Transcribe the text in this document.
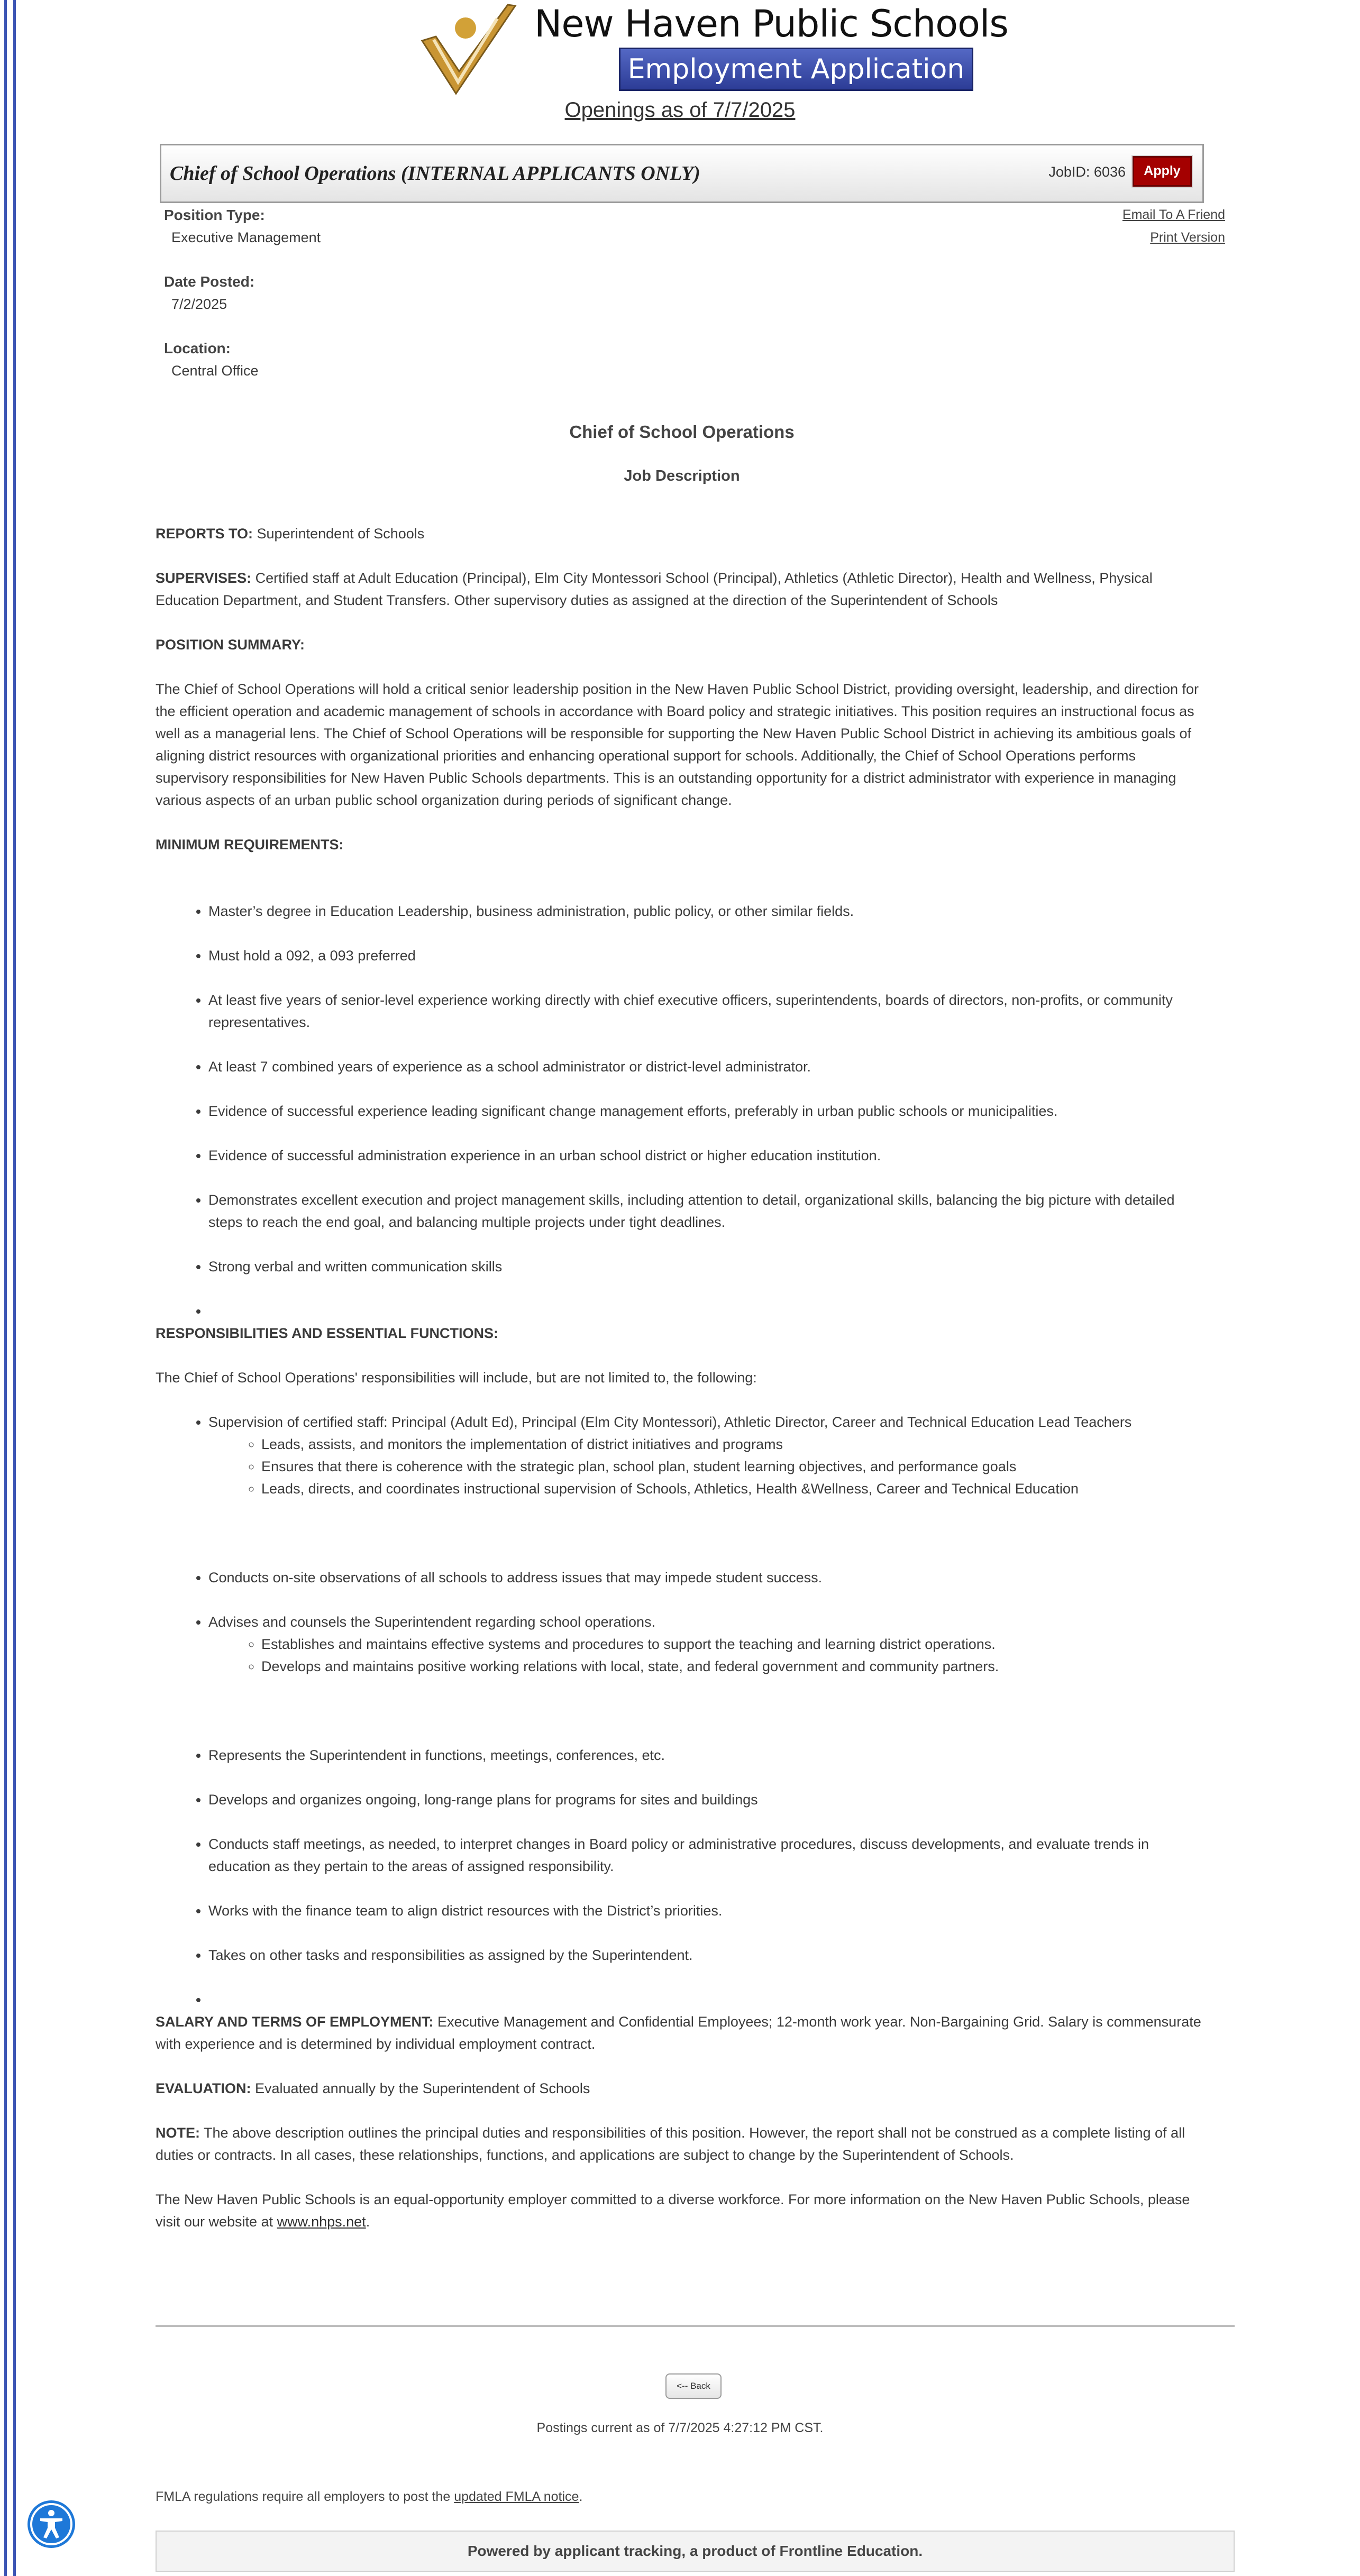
New Haven Public Schools
Employment Application
Openings as of 7/7/2025
Chief of School Operations (INTERNAL APPLICANTS ONLY)	JobID: 6036	Apply
Email To A Friend
Print Version
Position Type:
Executive Management
Date Posted:
7/2/2025
Location:
Central Office
Chief of School Operations
Job Description

REPORTS TO: Superintendent of Schools

SUPERVISES: Certified staff at Adult Education (Principal), Elm City Montessori School (Principal), Athletics (Athletic Director), Health and Wellness, Physical Education Department, and Student Transfers. Other supervisory duties as assigned at the direction of the Superintendent of Schools

POSITION SUMMARY:

The Chief of School Operations will hold a critical senior leadership position in the New Haven Public School District, providing oversight, leadership, and direction for the efficient operation and academic management of schools in accordance with Board policy and strategic initiatives. This position requires an instructional focus as well as a managerial lens. The Chief of School Operations will be responsible for supporting the New Haven Public School District in achieving its ambitious goals of aligning district resources with organizational priorities and enhancing operational support for schools. Additionally, the Chief of School Operations performs supervisory responsibilities for New Haven Public Schools departments. This is an outstanding opportunity for a district administrator with experience in managing various aspects of an urban public school organization during periods of significant change.

MINIMUM REQUIREMENTS:

• Master’s degree in Education Leadership, business administration, public policy, or other similar fields.
• Must hold a 092, a 093 preferred
• At least five years of senior-level experience working directly with chief executive officers, superintendents, boards of directors, non-profits, or community representatives.
• At least 7 combined years of experience as a school administrator or district-level administrator.
• Evidence of successful experience leading significant change management efforts, preferably in urban public schools or municipalities.
• Evidence of successful administration experience in an urban school district or higher education institution.
• Demonstrates excellent execution and project management skills, including attention to detail, organizational skills, balancing the big picture with detailed steps to reach the end goal, and balancing multiple projects under tight deadlines.
• Strong verbal and written communication skills
•

RESPONSIBILITIES AND ESSENTIAL FUNCTIONS:

The Chief of School Operations' responsibilities will include, but are not limited to, the following:

• Supervision of certified staff: Principal (Adult Ed), Principal (Elm City Montessori), Athletic Director, Career and Technical Education Lead Teachers
◦ Leads, assists, and monitors the implementation of district initiatives and programs
◦ Ensures that there is coherence with the strategic plan, school plan, student learning objectives, and performance goals
◦ Leads, directs, and coordinates instructional supervision of Schools, Athletics, Health &Wellness, Career and Technical Education
• Conducts on-site observations of all schools to address issues that may impede student success.
• Advises and counsels the Superintendent regarding school operations.
◦ Establishes and maintains effective systems and procedures to support the teaching and learning district operations.
◦ Develops and maintains positive working relations with local, state, and federal government and community partners.
• Represents the Superintendent in functions, meetings, conferences, etc.
• Develops and organizes ongoing, long-range plans for programs for sites and buildings
• Conducts staff meetings, as needed, to interpret changes in Board policy or administrative procedures, discuss developments, and evaluate trends in education as they pertain to the areas of assigned responsibility.
• Works with the finance team to align district resources with the District’s priorities.
• Takes on other tasks and responsibilities as assigned by the Superintendent.
•

SALARY AND TERMS OF EMPLOYMENT: Executive Management and Confidential Employees; 12-month work year. Non-Bargaining Grid. Salary is commensurate with experience and is determined by individual employment contract.

EVALUATION: Evaluated annually by the Superintendent of Schools

NOTE: The above description outlines the principal duties and responsibilities of this position. However, the report shall not be construed as a complete listing of all duties or contracts. In all cases, these relationships, functions, and applications are subject to change by the Superintendent of Schools.

The New Haven Public Schools is an equal-opportunity employer committed to a diverse workforce. For more information on the New Haven Public Schools, please visit our website at www.nhps.net.

<-- Back
Postings current as of 7/7/2025 4:27:12 PM CST.
FMLA regulations require all employers to post the updated FMLA notice.
Powered by applicant tracking, a product of Frontline Education.
